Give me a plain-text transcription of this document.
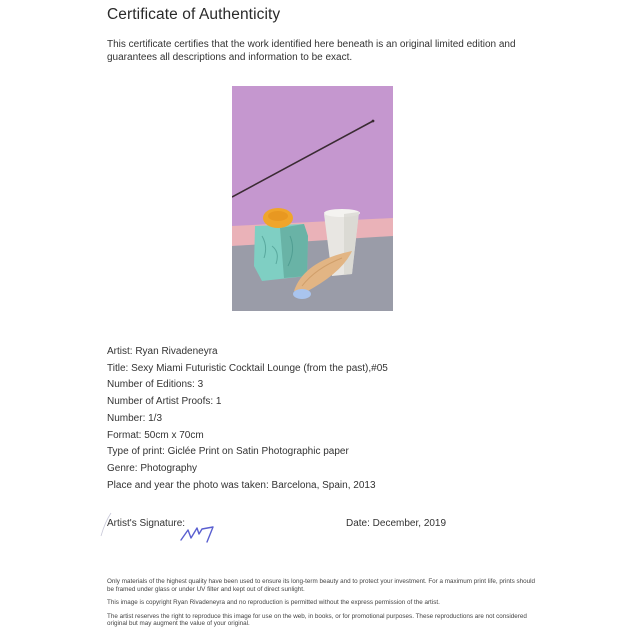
Certificate of Authenticity

This certificate certifies that the work identified here beneath is an original limited edition and guarantees all descriptions and information to be exact.

Artist: Ryan Rivadeneyra
Title: Sexy Miami Futuristic Cocktail Lounge (from the past),#05
Number of Editions: 3
Number of Artist Proofs: 1
Number: 1/3
Format: 50cm x 70cm
Type of print: Giclée Print on Satin Photographic paper
Genre: Photography
Place and year the photo was taken: Barcelona, Spain, 2013
Artist's Signature:	Date: December, 2019

Only materials of the highest quality have been used to ensure its long-term beauty and to protect your investment. For a maximum print life, prints should be framed under glass or under UV filter and kept out of direct sunlight.

This image is copyright Ryan Rivadeneyra and no reproduction is permitted without the express permission of the artist.

The artist reserves the right to reproduce this image for use on the web, in books, or for promotional purposes. These reproductions are not considered original but may augment the value of your original.
